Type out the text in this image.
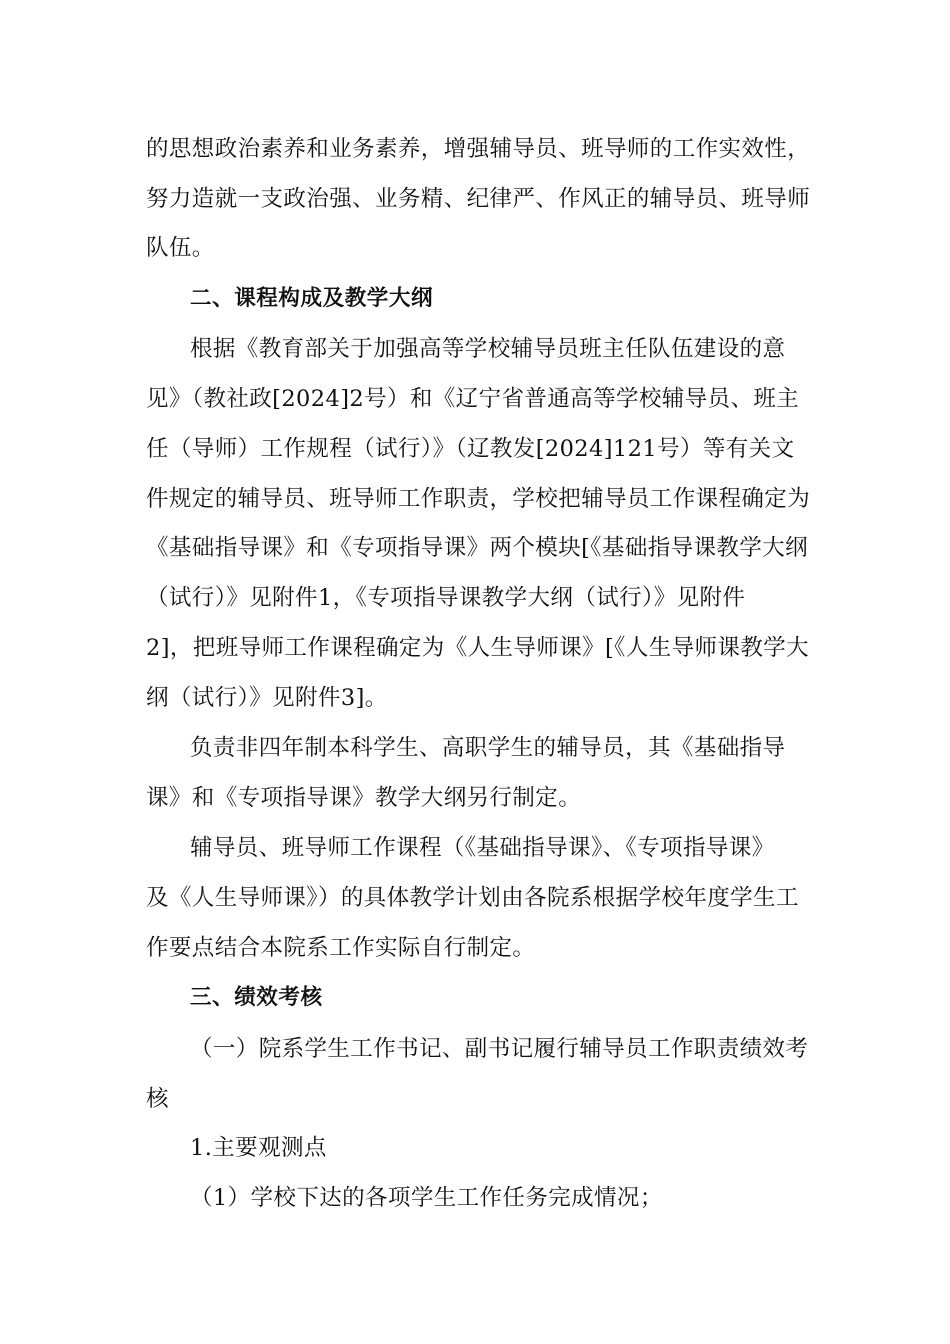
的思想政治素养和业务素养，增强辅导员、班导师的工作实效性，
努力造就一支政治强、业务精、纪律严、作风正的辅导员、班导师
队伍。
二、课程构成及教学大纲
根据《教育部关于加强高等学校辅导员班主任队伍建设的意
见》（教社政[2024]2号）和《辽宁省普通高等学校辅导员、班主
任（导师）工作规程（试行）》（辽教发[2024]121号）等有关文
件规定的辅导员、班导师工作职责，学校把辅导员工作课程确定为
《基础指导课》和《专项指导课》两个模块[《基础指导课教学大纲
（试行）》见附件1，《专项指导课教学大纲（试行）》见附件
2]，把班导师工作课程确定为《人生导师课》[《人生导师课教学大
纲（试行）》见附件3]。
负责非四年制本科学生、高职学生的辅导员，其《基础指导
课》和《专项指导课》教学大纲另行制定。
辅导员、班导师工作课程（《基础指导课》、《专项指导课》
及《人生导师课》）的具体教学计划由各院系根据学校年度学生工
作要点结合本院系工作实际自行制定。
三、绩效考核
（一）院系学生工作书记、副书记履行辅导员工作职责绩效考
核
1.主要观测点
（1）学校下达的各项学生工作任务完成情况；
